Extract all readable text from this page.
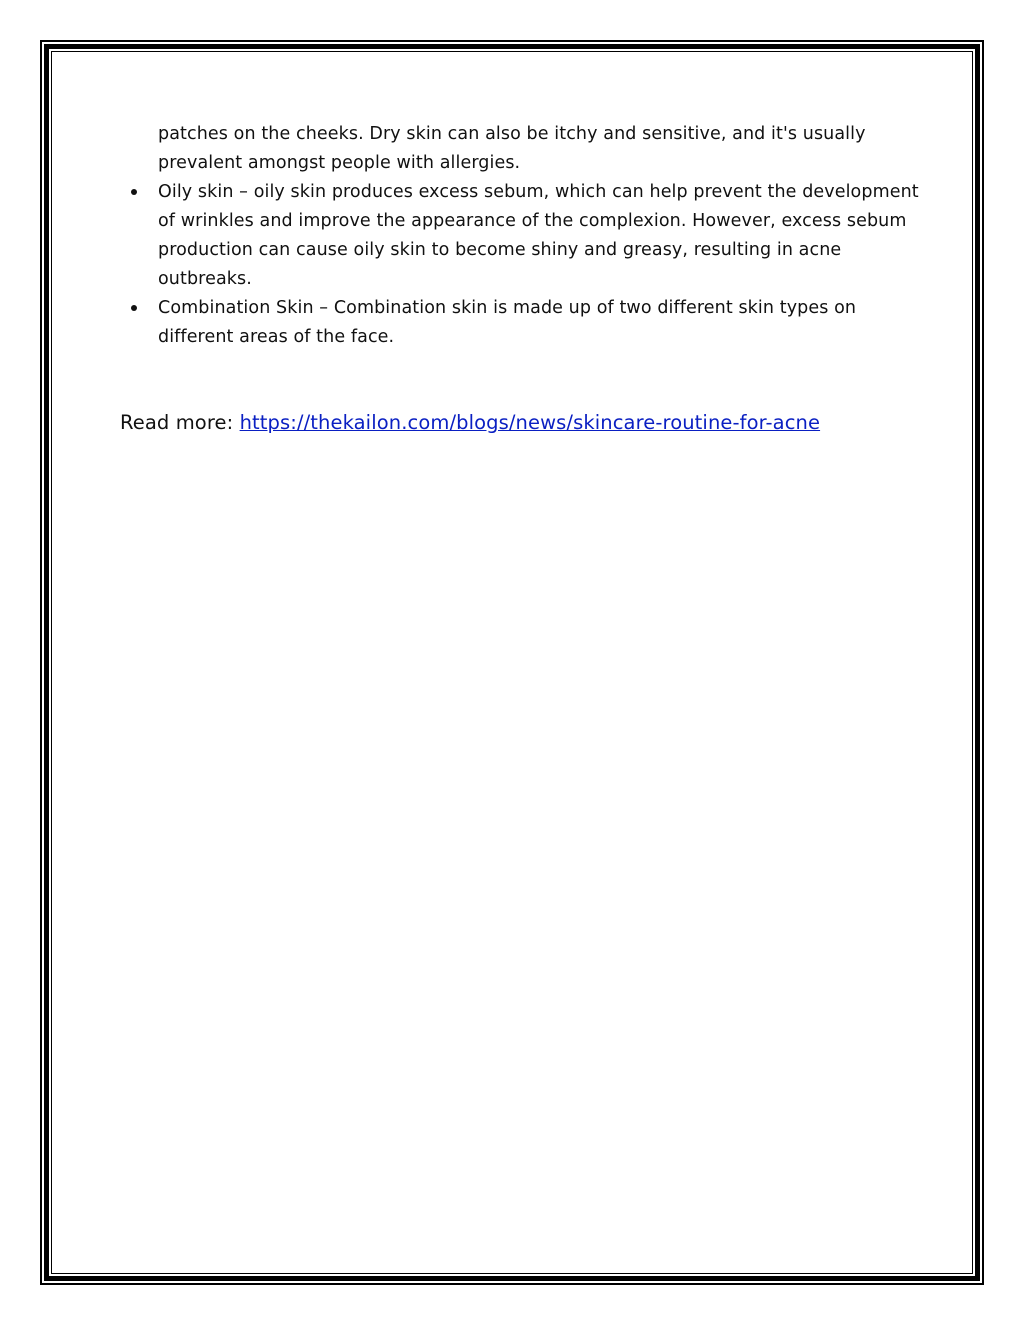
patches on the cheeks. Dry skin can also be itchy and sensitive, and it's usually prevalent amongst people with allergies.

Oily skin – oily skin produces excess sebum, which can help prevent the development of wrinkles and improve the appearance of the complexion. However, excess sebum production can cause oily skin to become shiny and greasy, resulting in acne outbreaks.
Combination Skin – Combination skin is made up of two different skin types on different areas of the face.

Read more: https://thekailon.com/blogs/news/skincare-routine-for-acne
